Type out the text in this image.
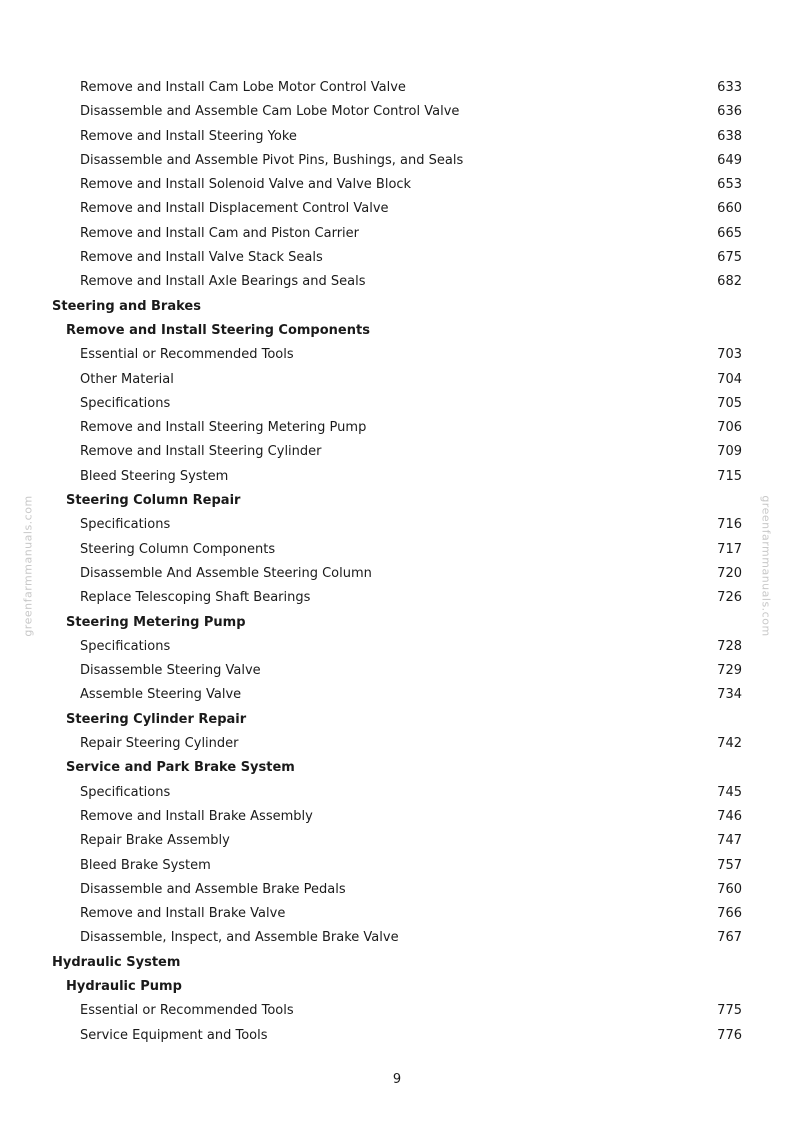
greenfarmmanuals.com	greenfarmmanuals.com
Remove and Install Cam Lobe Motor Control Valve	633
Disassemble and Assemble Cam Lobe Motor Control Valve	636
Remove and Install Steering Yoke	638
Disassemble and Assemble Pivot Pins, Bushings, and Seals	649
Remove and Install Solenoid Valve and Valve Block	653
Remove and Install Displacement Control Valve	660
Remove and Install Cam and Piston Carrier	665
Remove and Install Valve Stack Seals	675
Remove and Install Axle Bearings and Seals	682
Steering and Brakes
Remove and Install Steering Components
Essential or Recommended Tools	703
Other Material	704
Specifications	705
Remove and Install Steering Metering Pump	706
Remove and Install Steering Cylinder	709
Bleed Steering System	715
Steering Column Repair
Specifications	716
Steering Column Components	717
Disassemble And Assemble Steering Column	720
Replace Telescoping Shaft Bearings	726
Steering Metering Pump
Specifications	728
Disassemble Steering Valve	729
Assemble Steering Valve	734
Steering Cylinder Repair
Repair Steering Cylinder	742
Service and Park Brake System
Specifications	745
Remove and Install Brake Assembly	746
Repair Brake Assembly	747
Bleed Brake System	757
Disassemble and Assemble Brake Pedals	760
Remove and Install Brake Valve	766
Disassemble, Inspect, and Assemble Brake Valve	767
Hydraulic System
Hydraulic Pump
Essential or Recommended Tools	775
Service Equipment and Tools	776
9
